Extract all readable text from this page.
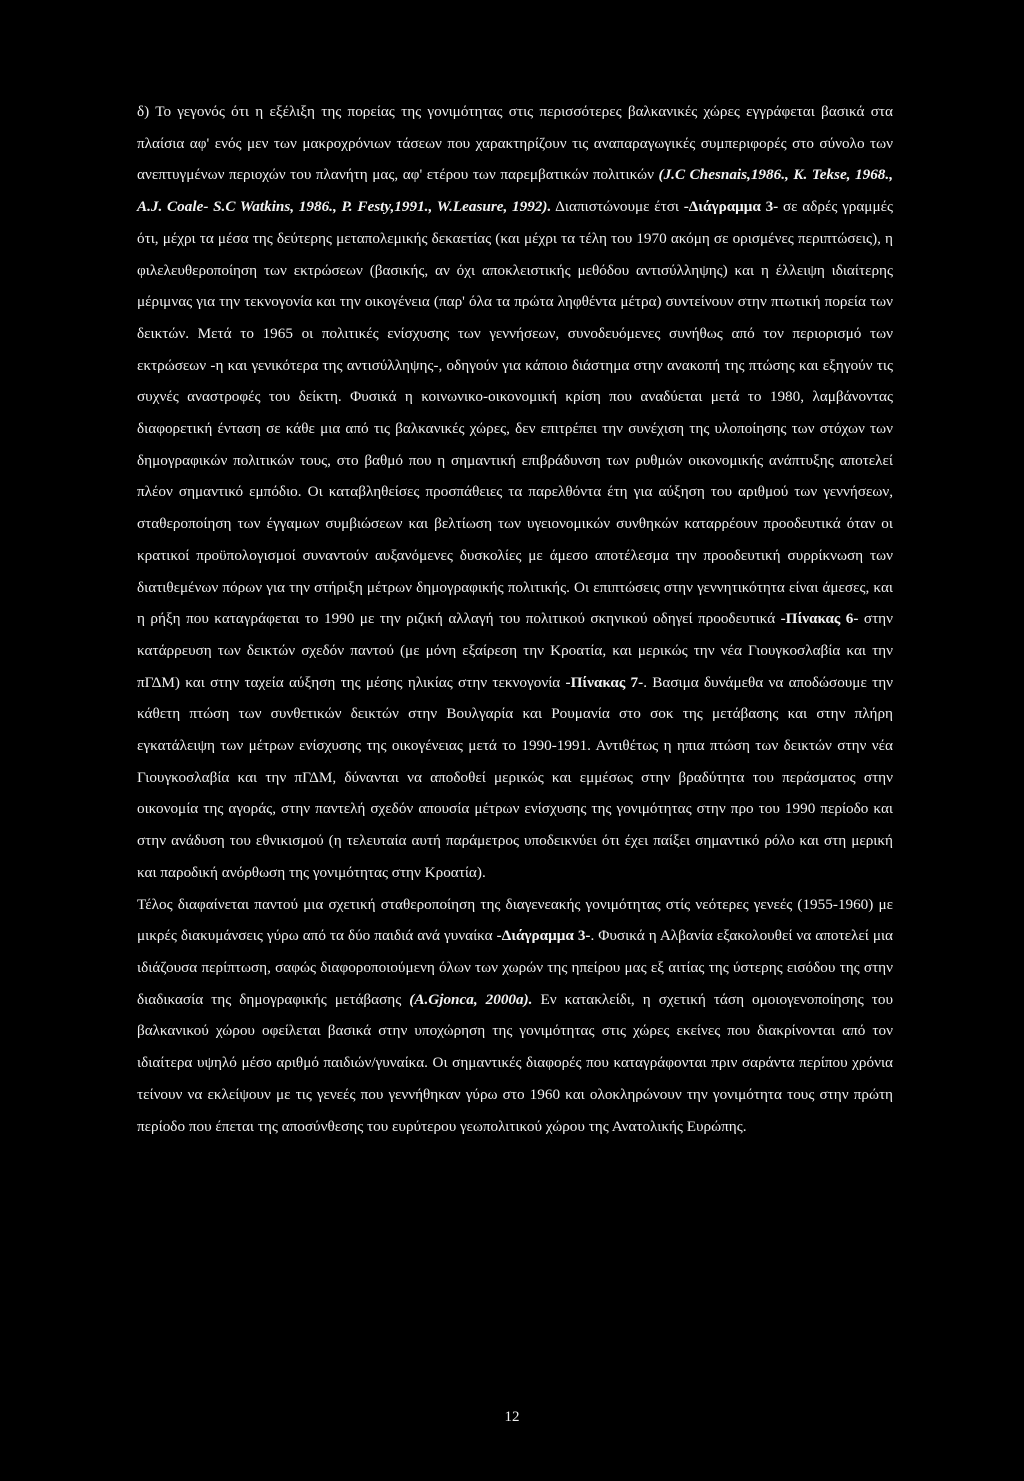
δ) Το γεγονός ότι η εξέλιξη της πορείας της γονιμότητας στις περισσότερες βαλκανικές χώρες εγγράφεται βασικά στα πλαίσια αφ' ενός μεν των μακροχρόνιων τάσεων που χαρακτηρίζουν τις αναπαραγωγικές συμπεριφορές στο σύνολο των ανεπτυγμένων περιοχών του πλανήτη μας, αφ' ετέρου των παρεμβατικών πολιτικών (J.C Chesnais,1986., K. Tekse, 1968., A.J. Coale- S.C Watkins, 1986., P. Festy,1991., W.Leasure, 1992). Διαπιστώνουμε έτσι -Διάγραμμα 3- σε αδρές γραμμές ότι, μέχρι τα μέσα της δεύτερης μεταπολεμικής δεκαετίας (και μέχρι τα τέλη του 1970 ακόμη σε ορισμένες περιπτώσεις), η φιλελευθεροποίηση των εκτρώσεων (βασικής, αν όχι αποκλειστικής μεθόδου αντισύλληψης) και η έλλειψη ιδιαίτερης μέριμνας για την τεκνογονία και την οικογένεια (παρ' όλα τα πρώτα ληφθέντα μέτρα) συντείνουν στην πτωτική πορεία των δεικτών. Μετά το 1965 οι πολιτικές ενίσχυσης των γεννήσεων, συνοδευόμενες συνήθως από τον περιορισμό των εκτρώσεων -η και γενικότερα της αντισύλληψης-, οδηγούν για κάποιο διάστημα στην ανακοπή της πτώσης και εξηγούν τις συχνές αναστροφές του δείκτη. Φυσικά η κοινωνικο-οικονομική κρίση που αναδύεται μετά το 1980, λαμβάνοντας διαφορετική ένταση σε κάθε μια από τις βαλκανικές χώρες, δεν επιτρέπει την συνέχιση της υλοποίησης των στόχων των δημογραφικών πολιτικών τους, στο βαθμό που η σημαντική επιβράδυνση των ρυθμών οικονομικής ανάπτυξης αποτελεί πλέον σημαντικό εμπόδιο. Οι καταβληθείσες προσπάθειες τα παρελθόντα έτη για αύξηση του αριθμού των γεννήσεων, σταθεροποίηση των έγγαμων συμβιώσεων και βελτίωση των υγειονομικών συνθηκών καταρρέουν προοδευτικά όταν οι κρατικοί προϋπολογισμοί συναντούν αυξανόμενες δυσκολίες με άμεσο αποτέλεσμα την προοδευτική συρρίκνωση των διατιθεμένων πόρων για την στήριξη μέτρων δημογραφικής πολιτικής. Οι επιπτώσεις στην γεννητικότητα είναι άμεσες, και η ρήξη που καταγράφεται το 1990 με την ριζική αλλαγή του πολιτικού σκηνικού οδηγεί προοδευτικά -Πίνακας 6- στην κατάρρευση των δεικτών σχεδόν παντού (με μόνη εξαίρεση την Κροατία, και μερικώς την νέα Γιουγκοσλαβία και την πΓΔΜ) και στην ταχεία αύξηση της μέσης ηλικίας στην τεκνογονία -Πίνακας 7-. Βασιμα δυνάμεθα να αποδώσουμε την κάθετη πτώση των συνθετικών δεικτών στην Βουλγαρία και Ρουμανία στο σοκ της μετάβασης και στην πλήρη εγκατάλειψη των μέτρων ενίσχυσης της οικογένειας μετά το 1990-1991. Αντιθέτως η ηπια πτώση των δεικτών στην νέα Γιουγκοσλαβία και την πΓΔΜ, δύνανται να αποδοθεί μερικώς και εμμέσως στην βραδύτητα του περάσματος στην οικονομία της αγοράς, στην παντελή σχεδόν απουσία μέτρων ενίσχυσης της γονιμότητας στην προ του 1990 περίοδο και στην ανάδυση του εθνικισμού (η τελευταία αυτή παράμετρος υποδεικνύει ότι έχει παίξει σημαντικό ρόλο και στη μερική και παροδική ανόρθωση της γονιμότητας στην Κροατία).

Τέλος διαφαίνεται παντού μια σχετική σταθεροποίηση της διαγενεακής γονιμότητας στίς νεότερες γενεές (1955-1960) με μικρές διακυμάνσεις γύρω από τα δύο παιδιά ανά γυναίκα -Διάγραμμα 3-. Φυσικά η Αλβανία εξακολουθεί να αποτελεί μια ιδιάζουσα περίπτωση, σαφώς διαφοροποιούμενη όλων των χωρών της ηπείρου μας εξ αιτίας της ύστερης εισόδου της στην διαδικασία της δημογραφικής μετάβασης (A.Gjonca, 2000a). Εν κατακλείδι, η σχετική τάση ομοιογενοποίησης του βαλκανικού χώρου οφείλεται βασικά στην υποχώρηση της γονιμότητας στις χώρες εκείνες που διακρίνονται από τον ιδιαίτερα υψηλό μέσο αριθμό παιδιών/γυναίκα. Οι σημαντικές διαφορές που καταγράφονται πριν σαράντα περίπου χρόνια τείνουν να εκλείψουν με τις γενεές που γεννήθηκαν γύρω στο 1960 και ολοκληρώνουν την γονιμότητα τους στην πρώτη περίοδο που έπεται της αποσύνθεσης του ευρύτερου γεωπολιτικού χώρου της Ανατολικής Ευρώπης.

12
